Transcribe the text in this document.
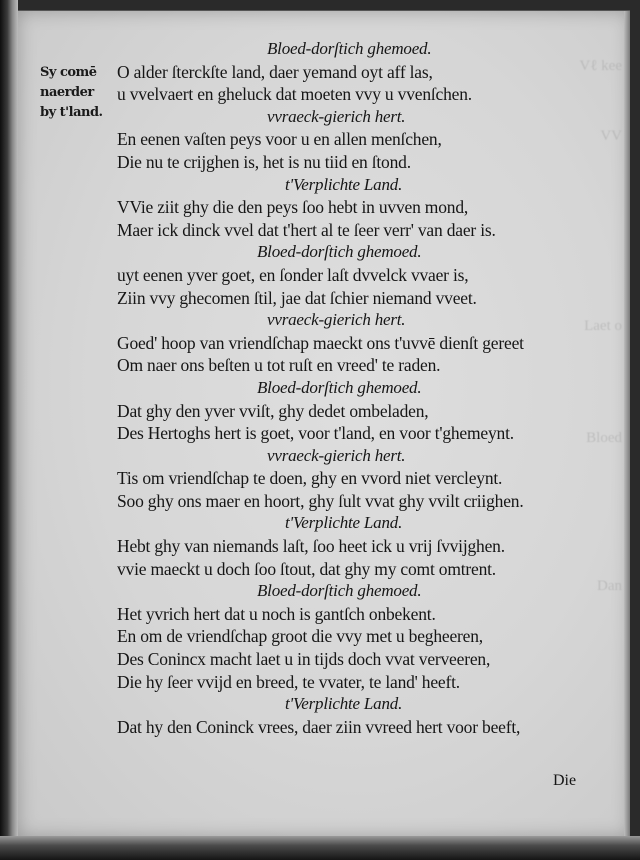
Vℓ kee
VV
Laet o
Bloed
Dan
Sy comē
naerder
by t'land.
Bloed-dorſtich ghemoed.
O alder ſterckſte land, daer yemand oyt aff las,
u vvelvaert en gheluck dat moeten vvy u vvenſchen.
vvraeck-gierich hert.
En eenen vaſten peys voor u en allen menſchen,
Die nu te crijghen is, het is nu tiid en ſtond.
t'Verplichte Land.
VVie ziit ghy die den peys ſoo hebt in uvven mond,
Maer ick dinck vvel dat t'hert al te ſeer verr' van daer is.
Bloed-dorſtich ghemoed.
uyt eenen yver goet, en ſonder laſt dvvelck vvaer is,
Ziin vvy ghecomen ſtil, jae dat ſchier niemand vveet.
vvraeck-gierich hert.
Goed' hoop van vriendſchap maeckt ons t'uvvē dienſt gereet
Om naer ons beſten u tot ruſt en vreed' te raden.
Bloed-dorſtich ghemoed.
Dat ghy den yver vviſt, ghy dedet ombeladen,
Des Hertoghs hert is goet, voor t'land, en voor t'ghemeynt.
vvraeck-gierich hert.
Tis om vriendſchap te doen, ghy en vvord niet vercleynt.
Soo ghy ons maer en hoort, ghy ſult vvat ghy vvilt criighen.
t'Verplichte Land.
Hebt ghy van niemands laſt, ſoo heet ick u vrij ſvvijghen.
vvie maeckt u doch ſoo ſtout, dat ghy my comt omtrent.
Bloed-dorſtich ghemoed.
Het yvrich hert dat u noch is gantſch onbekent.
En om de vriendſchap groot die vvy met u begheeren,
Des Conincx macht laet u in tijds doch vvat verveeren,
Die hy ſeer vvijd en breed, te vvater, te land' heeft.
t'Verplichte Land.
Dat hy den Coninck vrees, daer ziin vvreed hert voor beeft,
Die
